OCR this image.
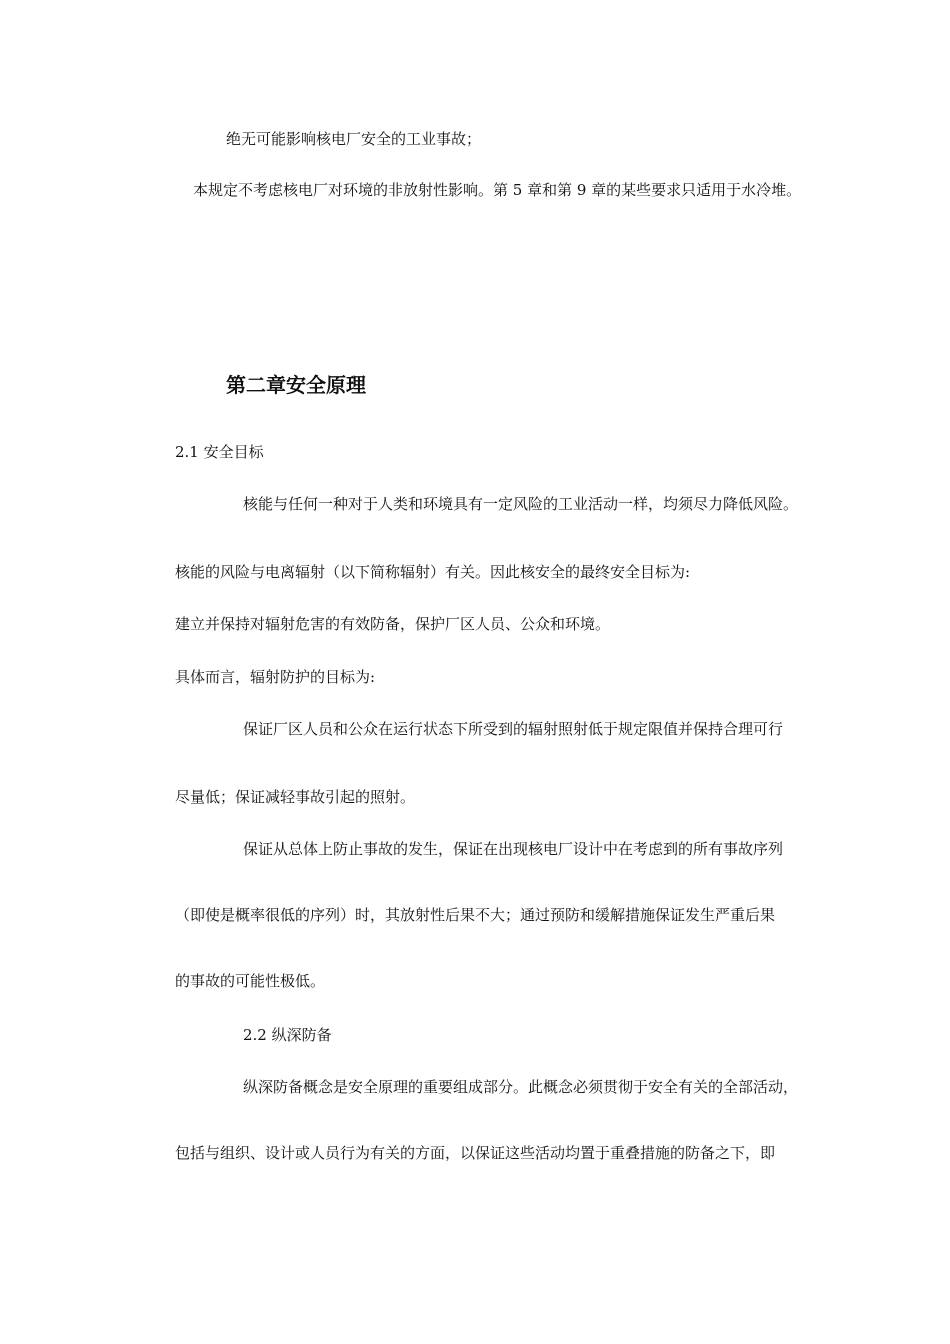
绝无可能影响核电厂安全的工业事故；

本规定不考虑核电厂对环境的非放射性影响。第 5 章和第 9 章的某些要求只适用于水冷堆。

第二章安全原理

2.1 安全目标

核能与任何一种对于人类和环境具有一定风险的工业活动一样，均须尽力降低风险。

核能的风险与电离辐射（以下简称辐射）有关。因此核安全的最终安全目标为:

建立并保持对辐射危害的有效防备，保护厂区人员、公众和环境。

具体而言，辐射防护的目标为:

保证厂区人员和公众在运行状态下所受到的辐射照射低于规定限值并保持合理可行

尽量低；保证减轻事故引起的照射。

保证从总体上防止事故的发生，保证在出现核电厂设计中在考虑到的所有事故序列

（即使是概率很低的序列）时，其放射性后果不大；通过预防和缓解措施保证发生严重后果

的事故的可能性极低。

2.2 纵深防备

纵深防备概念是安全原理的重要组成部分。此概念必须贯彻于安全有关的全部活动，

包括与组织、设计或人员行为有关的方面，以保证这些活动均置于重叠措施的防备之下，即
